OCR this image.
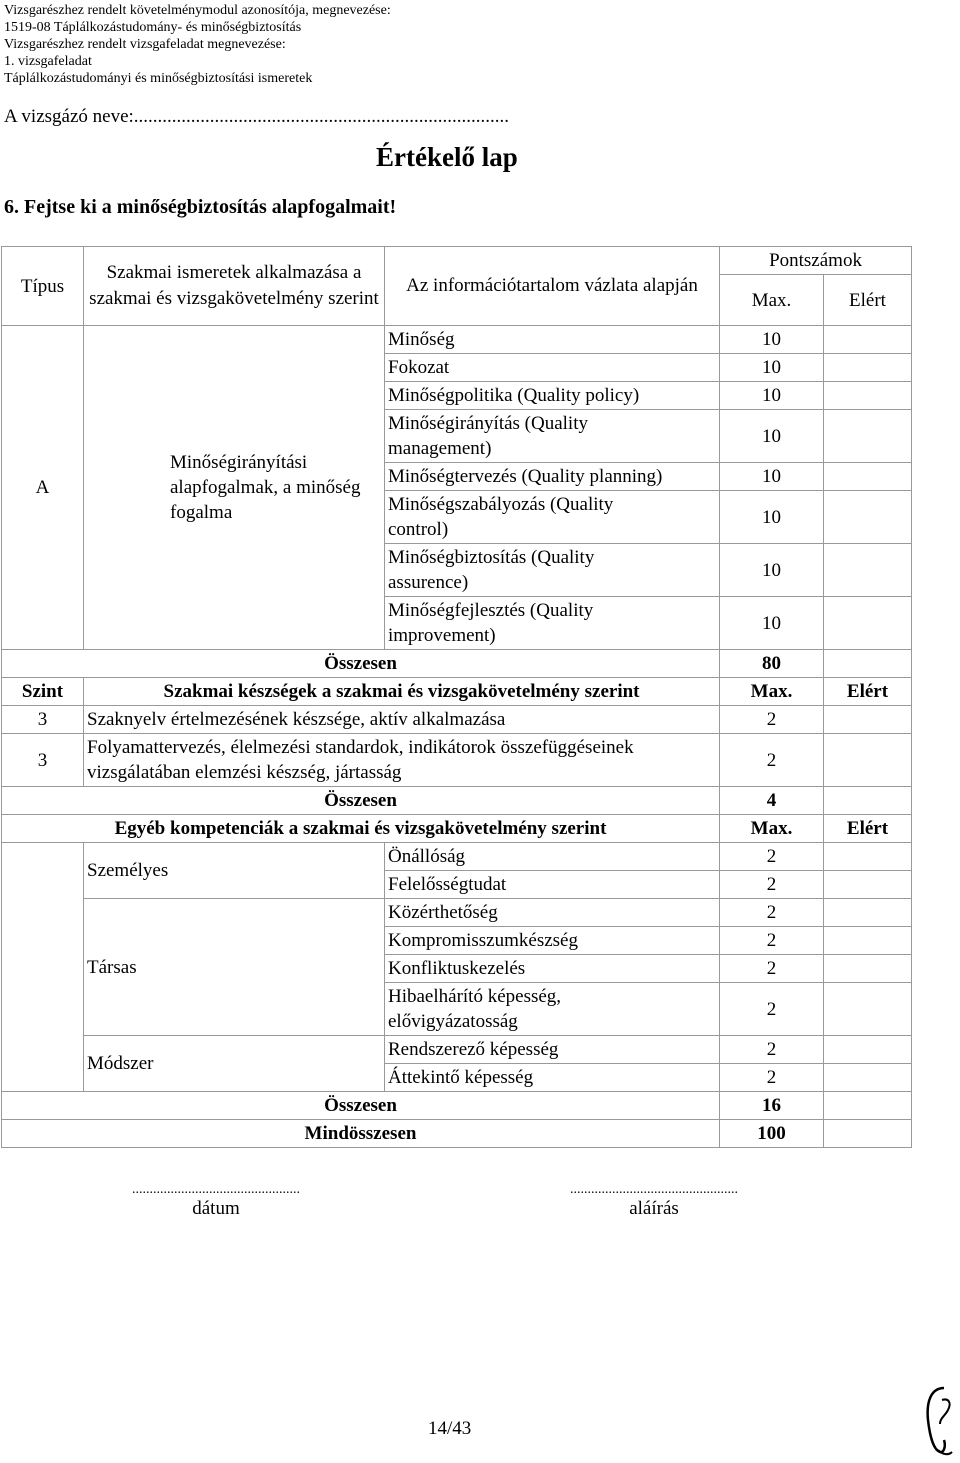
Vizsgarészhez rendelt követelménymodul azonosítója, megnevezése:
1519-08 Táplálkozástudomány- és minőségbiztosítás
Vizsgarészhez rendelt vizsgafeladat megnevezése:
1. vizsgafeladat
Táplálkozástudományi és minőségbiztosítási ismeretek
A vizsgázó neve:...............................................................................
Értékelő lap
6. Fejtse ki a minőségbiztosítás alapfogalmait!
Típus	Szakmai ismeretek alkalmazása a szakmai és vizsgakövetelmény szerint	Az információtartalom vázlata alapján	Pontszámok	
			Max.	Elért
A	Minőségirányítási alapfogalmak, a minőség fogalma	Minőség	10	
		Fokozat	10	
		Minőségpolitika (Quality policy)	10	
		Minőségirányítás (Quality management)	10	
		Minőségtervezés (Quality planning)	10	
		Minőségszabályozás (Quality control)	10	
		Minőségbiztosítás (Quality assurence)	10	
		Minőségfejlesztés (Quality improvement)	10	
Összesen			80	
Szint	Szakmai készségek a szakmai és vizsgakövetelmény szerint		Max.	Elért
3	Szaknyelv értelmezésének készsége, aktív alkalmazása		2	
3	Folyamattervezés, élelmezési standardok, indikátorok összefüggéseinek vizsgálatában elemzési készség, jártasság		2	
Összesen			4	
Egyéb kompetenciák a szakmai és vizsgakövetelmény szerint			Max.	Elért
	Személyes	Önállóság	2	
		Felelősségtudat	2	
	Társas	Közérthetőség	2	
		Kompromisszumkészség	2	
		Konfliktuskezelés	2	
		Hibaelhárító képesség, elővigyázatosság	2	
	Módszer	Rendszerező képesség	2	
		Áttekintő képesség	2	
Összesen			16	
Mindösszesen			100	
................................................
dátum
................................................
aláírás
14/43
